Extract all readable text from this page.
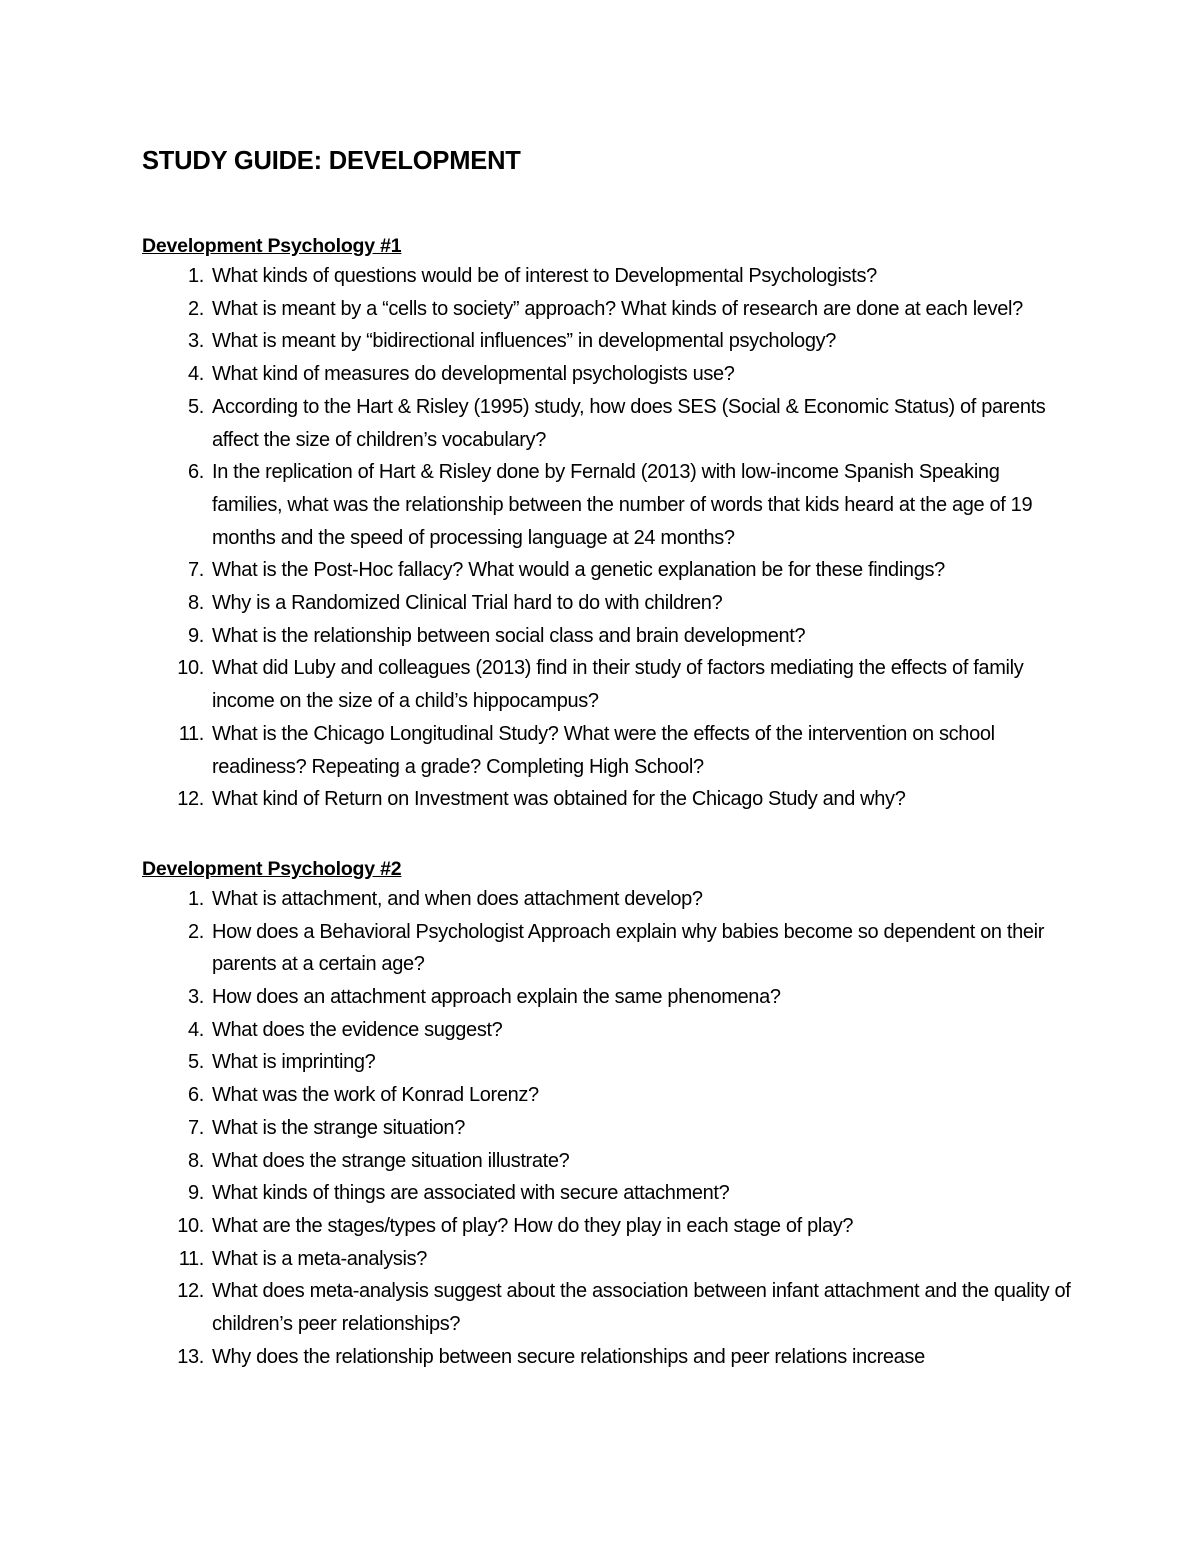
STUDY GUIDE: DEVELOPMENT
Development Psychology #1
1. What kinds of questions would be of interest to Developmental Psychologists?
2. What is meant by a “cells to society” approach? What kinds of research are done at each level?
3. What is meant by “bidirectional influences” in developmental psychology?
4. What kind of measures do developmental psychologists use?
5. According to the Hart & Risley (1995) study, how does SES (Social & Economic Status) of parents affect the size of children’s vocabulary?
6. In the replication of Hart & Risley done by Fernald (2013) with low-income Spanish Speaking families, what was the relationship between the number of words that kids heard at the age of 19 months and the speed of processing language at 24 months?
7. What is the Post-Hoc fallacy? What would a genetic explanation be for these findings?
8. Why is a Randomized Clinical Trial hard to do with children?
9. What is the relationship between social class and brain development?
10. What did Luby and colleagues (2013) find in their study of factors mediating the effects of family income on the size of a child’s hippocampus?
11. What is the Chicago Longitudinal Study? What were the effects of the intervention on school readiness? Repeating a grade? Completing High School?
12. What kind of Return on Investment was obtained for the Chicago Study and why?
Development Psychology #2
1. What is attachment, and when does attachment develop?
2. How does a Behavioral Psychologist Approach explain why babies become so dependent on their parents at a certain age?
3. How does an attachment approach explain the same phenomena?
4. What does the evidence suggest?
5. What is imprinting?
6. What was the work of Konrad Lorenz?
7. What is the strange situation?
8. What does the strange situation illustrate?
9. What kinds of things are associated with secure attachment?
10. What are the stages/types of play? How do they play in each stage of play?
11. What is a meta-analysis?
12. What does meta-analysis suggest about the association between infant attachment and the quality of children’s peer relationships?
13. Why does the relationship between secure relationships and peer relations increase
